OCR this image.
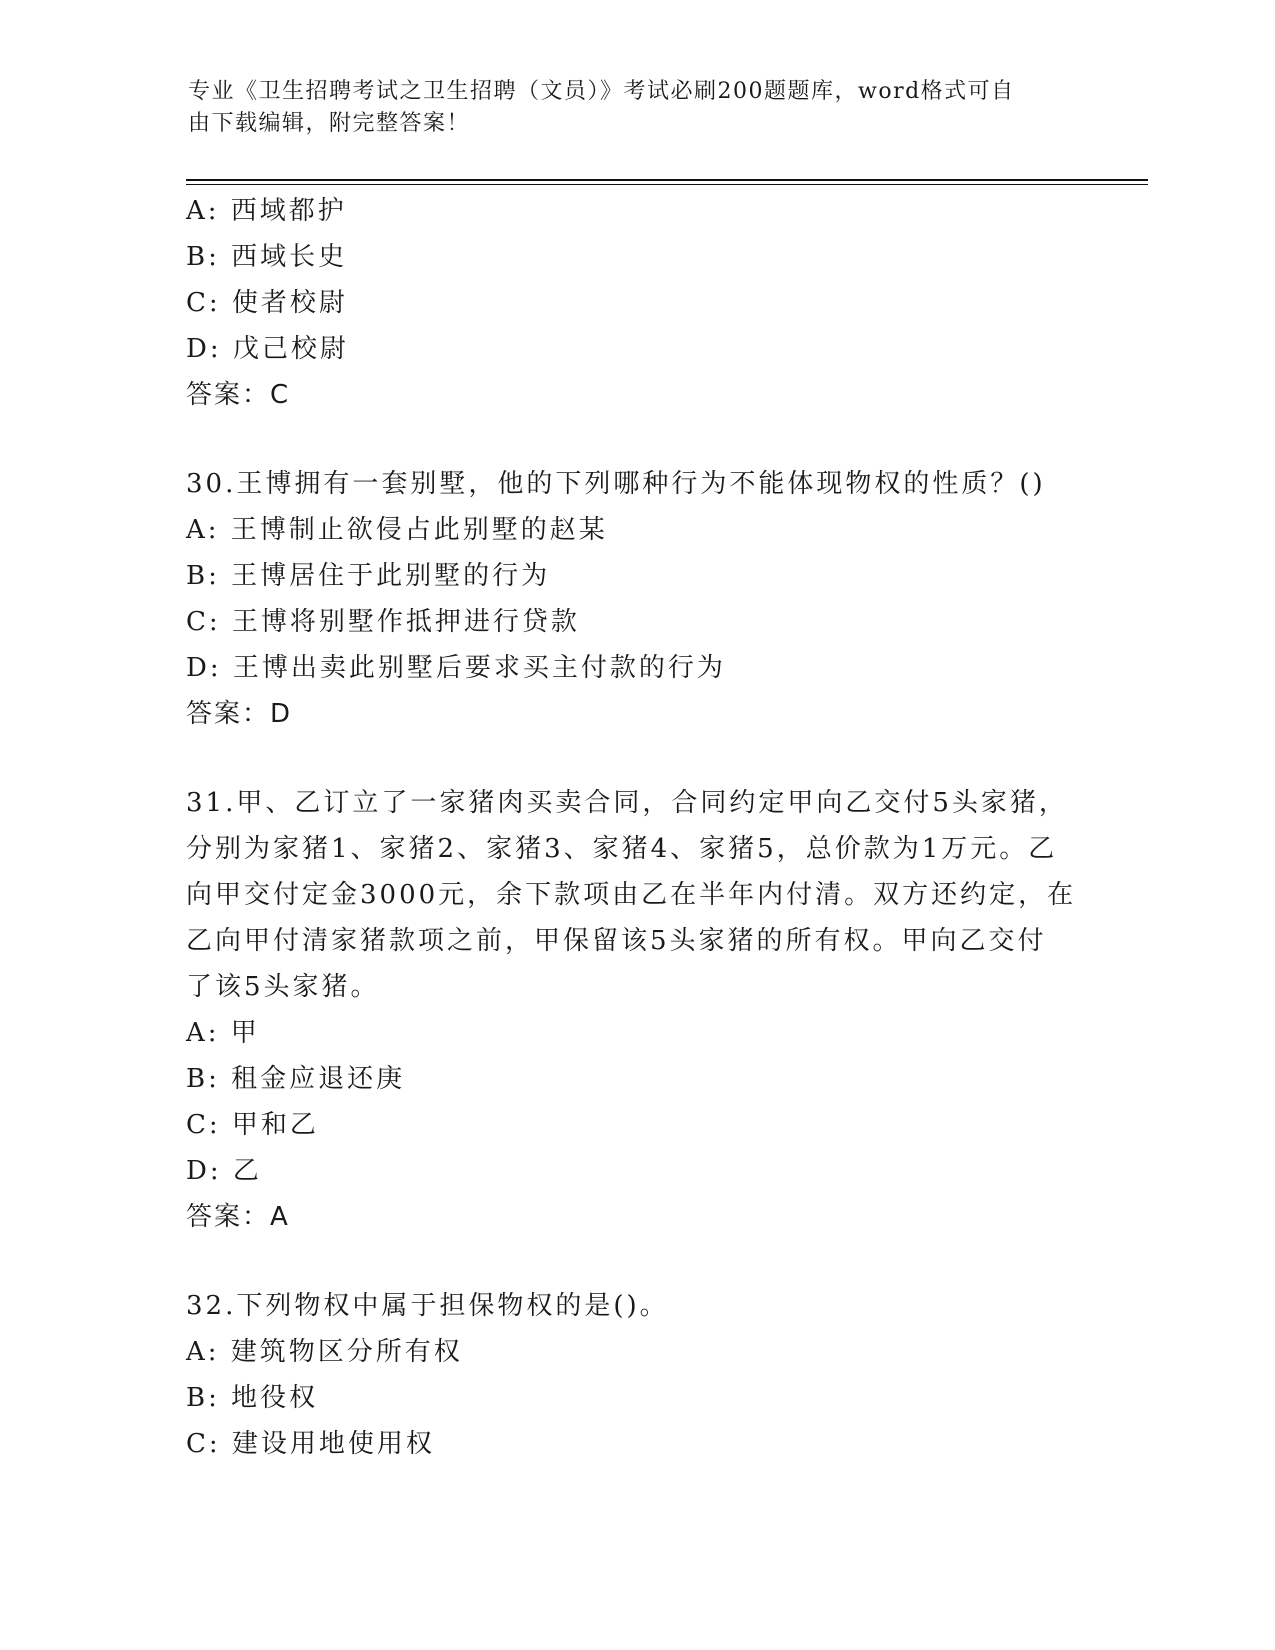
专业《卫生招聘考试之卫生招聘（文员）》考试必刷200题题库，word格式可自
由下载编辑，附完整答案！
A: 西域都护
B: 西域长史
C: 使者校尉
D: 戊己校尉
答案：C
30.王博拥有一套别墅，他的下列哪种行为不能体现物权的性质？()
A: 王博制止欲侵占此别墅的赵某
B: 王博居住于此别墅的行为
C: 王博将别墅作抵押进行贷款
D: 王博出卖此别墅后要求买主付款的行为
答案：D
31.甲、乙订立了一家猪肉买卖合同，合同约定甲向乙交付5头家猪，
分别为家猪1、家猪2、家猪3、家猪4、家猪5，总价款为1万元。乙
向甲交付定金3000元，余下款项由乙在半年内付清。双方还约定，在
乙向甲付清家猪款项之前，甲保留该5头家猪的所有权。甲向乙交付
了该5头家猪。
A: 甲
B: 租金应退还庚
C: 甲和乙
D: 乙
答案：A
32.下列物权中属于担保物权的是()。
A: 建筑物区分所有权
B: 地役权
C: 建设用地使用权
